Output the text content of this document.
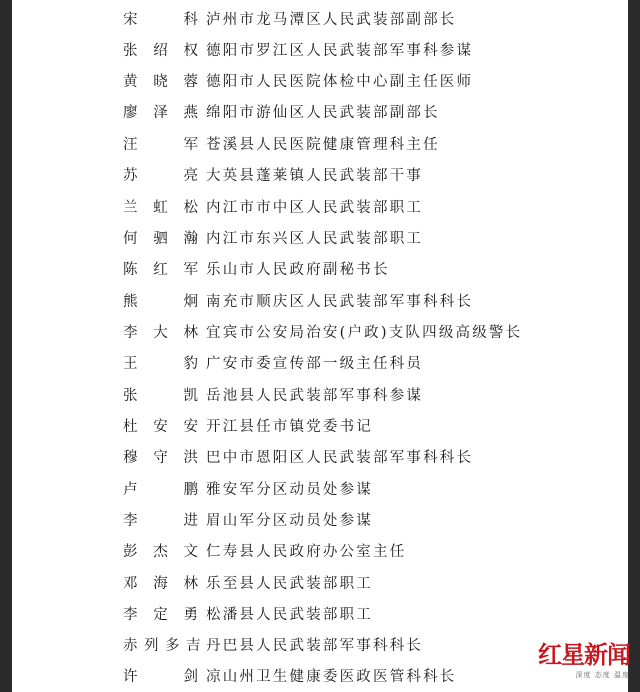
宋　科 泸州市龙马潭区人民武装部副部长
张绍权 德阳市罗江区人民武装部军事科参谋
黄晓蓉 德阳市人民医院体检中心副主任医师
廖泽燕 绵阳市游仙区人民武装部副部长
汪　军 苍溪县人民医院健康管理科主任
苏　亮 大英县蓬莱镇人民武装部干事
兰虹松 内江市市中区人民武装部职工
何驷瀚 内江市东兴区人民武装部职工
陈红军 乐山市人民政府副秘书长
熊　炯 南充市顺庆区人民武装部军事科科长
李大林 宜宾市公安局治安(户政)支队四级高级警长
王　豹 广安市委宣传部一级主任科员
张　凯 岳池县人民武装部军事科参谋
杜安安 开江县任市镇党委书记
穆守洪 巴中市恩阳区人民武装部军事科科长
卢　鹏 雅安军分区动员处参谋
李　进 眉山军分区动员处参谋
彭杰文 仁寿县人民政府办公室主任
邓海林 乐至县人民武装部职工
李定勇 松潘县人民武装部职工
赤列多吉 丹巴县人民武装部军事科科长
许　剑 凉山州卫生健康委医政医管科科长
红星新闻
深度 态度 温度
